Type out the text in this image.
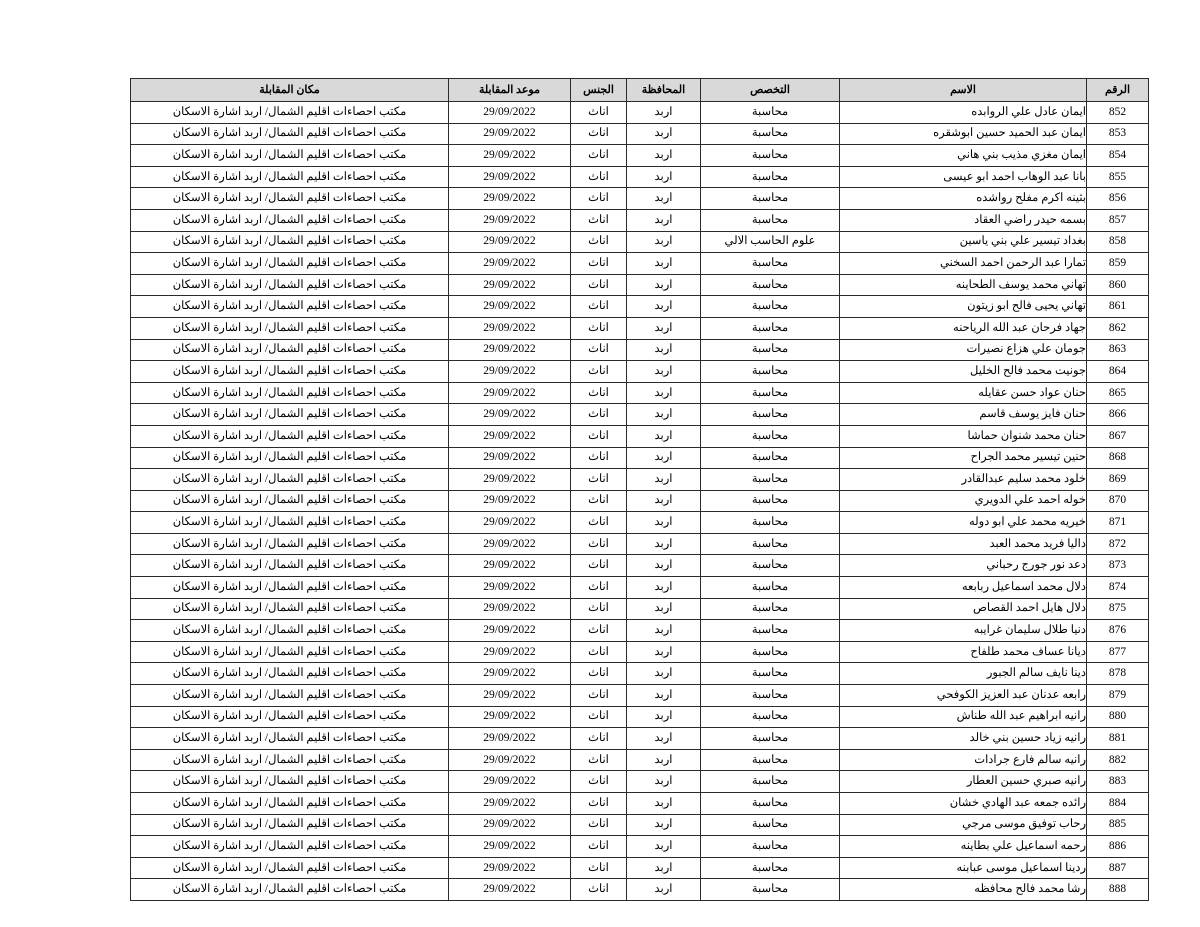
الرقم	الاسم	التخصص	المحافظة	الجنس	موعد المقابلة	مكان المقابلة
852	ايمان عادل علي الروابده	محاسبة	اربد	اناث	29/09/2022	مكتب احصاءات اقليم الشمال/ اربد اشارة الاسكان
853	ايمان عبد الحميد حسين ابوشقره	محاسبة	اربد	اناث	29/09/2022	مكتب احصاءات اقليم الشمال/ اربد اشارة الاسكان
854	ايمان مغزي مذيب بني هاني	محاسبة	اربد	اناث	29/09/2022	مكتب احصاءات اقليم الشمال/ اربد اشارة الاسكان
855	بانا عبد الوهاب احمد ابو عيسى	محاسبة	اربد	اناث	29/09/2022	مكتب احصاءات اقليم الشمال/ اربد اشارة الاسكان
856	بثينه اكرم مفلح رواشده	محاسبة	اربد	اناث	29/09/2022	مكتب احصاءات اقليم الشمال/ اربد اشارة الاسكان
857	بسمه حيدر راضي العقاد	محاسبة	اربد	اناث	29/09/2022	مكتب احصاءات اقليم الشمال/ اربد اشارة الاسكان
858	بغداد تيسير علي بني ياسين	علوم الحاسب الالي	اربد	اناث	29/09/2022	مكتب احصاءات اقليم الشمال/ اربد اشارة الاسكان
859	تمارا عبد الرحمن احمد السخني	محاسبة	اربد	اناث	29/09/2022	مكتب احصاءات اقليم الشمال/ اربد اشارة الاسكان
860	تهاني محمد يوسف الطحاينه	محاسبة	اربد	اناث	29/09/2022	مكتب احصاءات اقليم الشمال/ اربد اشارة الاسكان
861	تهاني يحيى فالح ابو زيتون	محاسبة	اربد	اناث	29/09/2022	مكتب احصاءات اقليم الشمال/ اربد اشارة الاسكان
862	جهاد فرحان عبد الله الرياحنه	محاسبة	اربد	اناث	29/09/2022	مكتب احصاءات اقليم الشمال/ اربد اشارة الاسكان
863	جومان علي هزاع نصيرات	محاسبة	اربد	اناث	29/09/2022	مكتب احصاءات اقليم الشمال/ اربد اشارة الاسكان
864	جونيت محمد فالح الخليل	محاسبة	اربد	اناث	29/09/2022	مكتب احصاءات اقليم الشمال/ اربد اشارة الاسكان
865	حنان عواد حسن عقايله	محاسبة	اربد	اناث	29/09/2022	مكتب احصاءات اقليم الشمال/ اربد اشارة الاسكان
866	حنان فايز يوسف قاسم	محاسبة	اربد	اناث	29/09/2022	مكتب احصاءات اقليم الشمال/ اربد اشارة الاسكان
867	حنان محمد شنوان حماشا	محاسبة	اربد	اناث	29/09/2022	مكتب احصاءات اقليم الشمال/ اربد اشارة الاسكان
868	حنين تيسير محمد الجراح	محاسبة	اربد	اناث	29/09/2022	مكتب احصاءات اقليم الشمال/ اربد اشارة الاسكان
869	خلود محمد سليم عبدالقادر	محاسبة	اربد	اناث	29/09/2022	مكتب احصاءات اقليم الشمال/ اربد اشارة الاسكان
870	خوله احمد علي الدويري	محاسبة	اربد	اناث	29/09/2022	مكتب احصاءات اقليم الشمال/ اربد اشارة الاسكان
871	خيريه محمد علي ابو دوله	محاسبة	اربد	اناث	29/09/2022	مكتب احصاءات اقليم الشمال/ اربد اشارة الاسكان
872	داليا فريد محمد العبد	محاسبة	اربد	اناث	29/09/2022	مكتب احصاءات اقليم الشمال/ اربد اشارة الاسكان
873	دعد نور جورج رحباني	محاسبة	اربد	اناث	29/09/2022	مكتب احصاءات اقليم الشمال/ اربد اشارة الاسكان
874	دلال محمد اسماعيل ربابعه	محاسبة	اربد	اناث	29/09/2022	مكتب احصاءات اقليم الشمال/ اربد اشارة الاسكان
875	دلال هايل احمد القصاص	محاسبة	اربد	اناث	29/09/2022	مكتب احصاءات اقليم الشمال/ اربد اشارة الاسكان
876	دنيا طلال سليمان غرايبه	محاسبة	اربد	اناث	29/09/2022	مكتب احصاءات اقليم الشمال/ اربد اشارة الاسكان
877	ديانا عساف محمد طلفاح	محاسبة	اربد	اناث	29/09/2022	مكتب احصاءات اقليم الشمال/ اربد اشارة الاسكان
878	دينا نايف سالم الجبور	محاسبة	اربد	اناث	29/09/2022	مكتب احصاءات اقليم الشمال/ اربد اشارة الاسكان
879	رابعه عدنان عبد العزيز الكوفحي	محاسبة	اربد	اناث	29/09/2022	مكتب احصاءات اقليم الشمال/ اربد اشارة الاسكان
880	رانيه ابراهيم عبد الله طناش	محاسبة	اربد	اناث	29/09/2022	مكتب احصاءات اقليم الشمال/ اربد اشارة الاسكان
881	رانيه زياد حسين بني خالد	محاسبة	اربد	اناث	29/09/2022	مكتب احصاءات اقليم الشمال/ اربد اشارة الاسكان
882	رانيه سالم فارع جرادات	محاسبة	اربد	اناث	29/09/2022	مكتب احصاءات اقليم الشمال/ اربد اشارة الاسكان
883	رانيه صبري حسين العطار	محاسبة	اربد	اناث	29/09/2022	مكتب احصاءات اقليم الشمال/ اربد اشارة الاسكان
884	رائده جمعه عبد الهادي خشان	محاسبة	اربد	اناث	29/09/2022	مكتب احصاءات اقليم الشمال/ اربد اشارة الاسكان
885	رحاب توفيق موسى مرجي	محاسبة	اربد	اناث	29/09/2022	مكتب احصاءات اقليم الشمال/ اربد اشارة الاسكان
886	رحمه اسماعيل علي بطاينه	محاسبة	اربد	اناث	29/09/2022	مكتب احصاءات اقليم الشمال/ اربد اشارة الاسكان
887	ردينا اسماعيل موسى عبابنه	محاسبة	اربد	اناث	29/09/2022	مكتب احصاءات اقليم الشمال/ اربد اشارة الاسكان
888	رشا محمد فالح محافظه	محاسبة	اربد	اناث	29/09/2022	مكتب احصاءات اقليم الشمال/ اربد اشارة الاسكان
